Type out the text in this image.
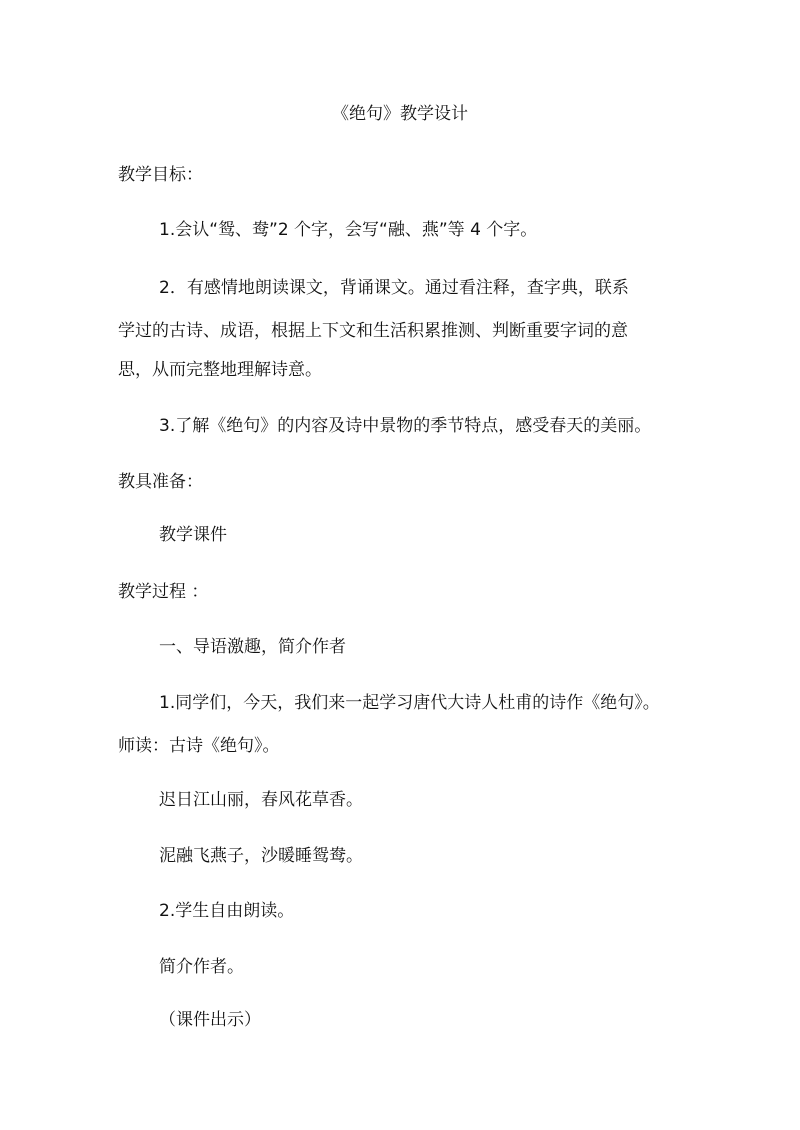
《绝句》教学设计
教学目标：
1.会认“鸳、鸯”2 个字，会写“融、燕”等 4 个字。
2．有感情地朗读课文，背诵课文。通过看注释，查字典，联系
学过的古诗、成语，根据上下文和生活积累推测、判断重要字词的意
思，从而完整地理解诗意。
3.了解《绝句》的内容及诗中景物的季节特点，感受春天的美丽。
教具准备：
教学课件
教学过程 ：
一、导语激趣，简介作者
1.同学们，今天，我们来一起学习唐代大诗人杜甫的诗作《绝句》。
师读：古诗《绝句》。
迟日江山丽，春风花草香。
泥融飞燕子，沙暖睡鸳鸯。
2.学生自由朗读。
简介作者。
（课件出示）
